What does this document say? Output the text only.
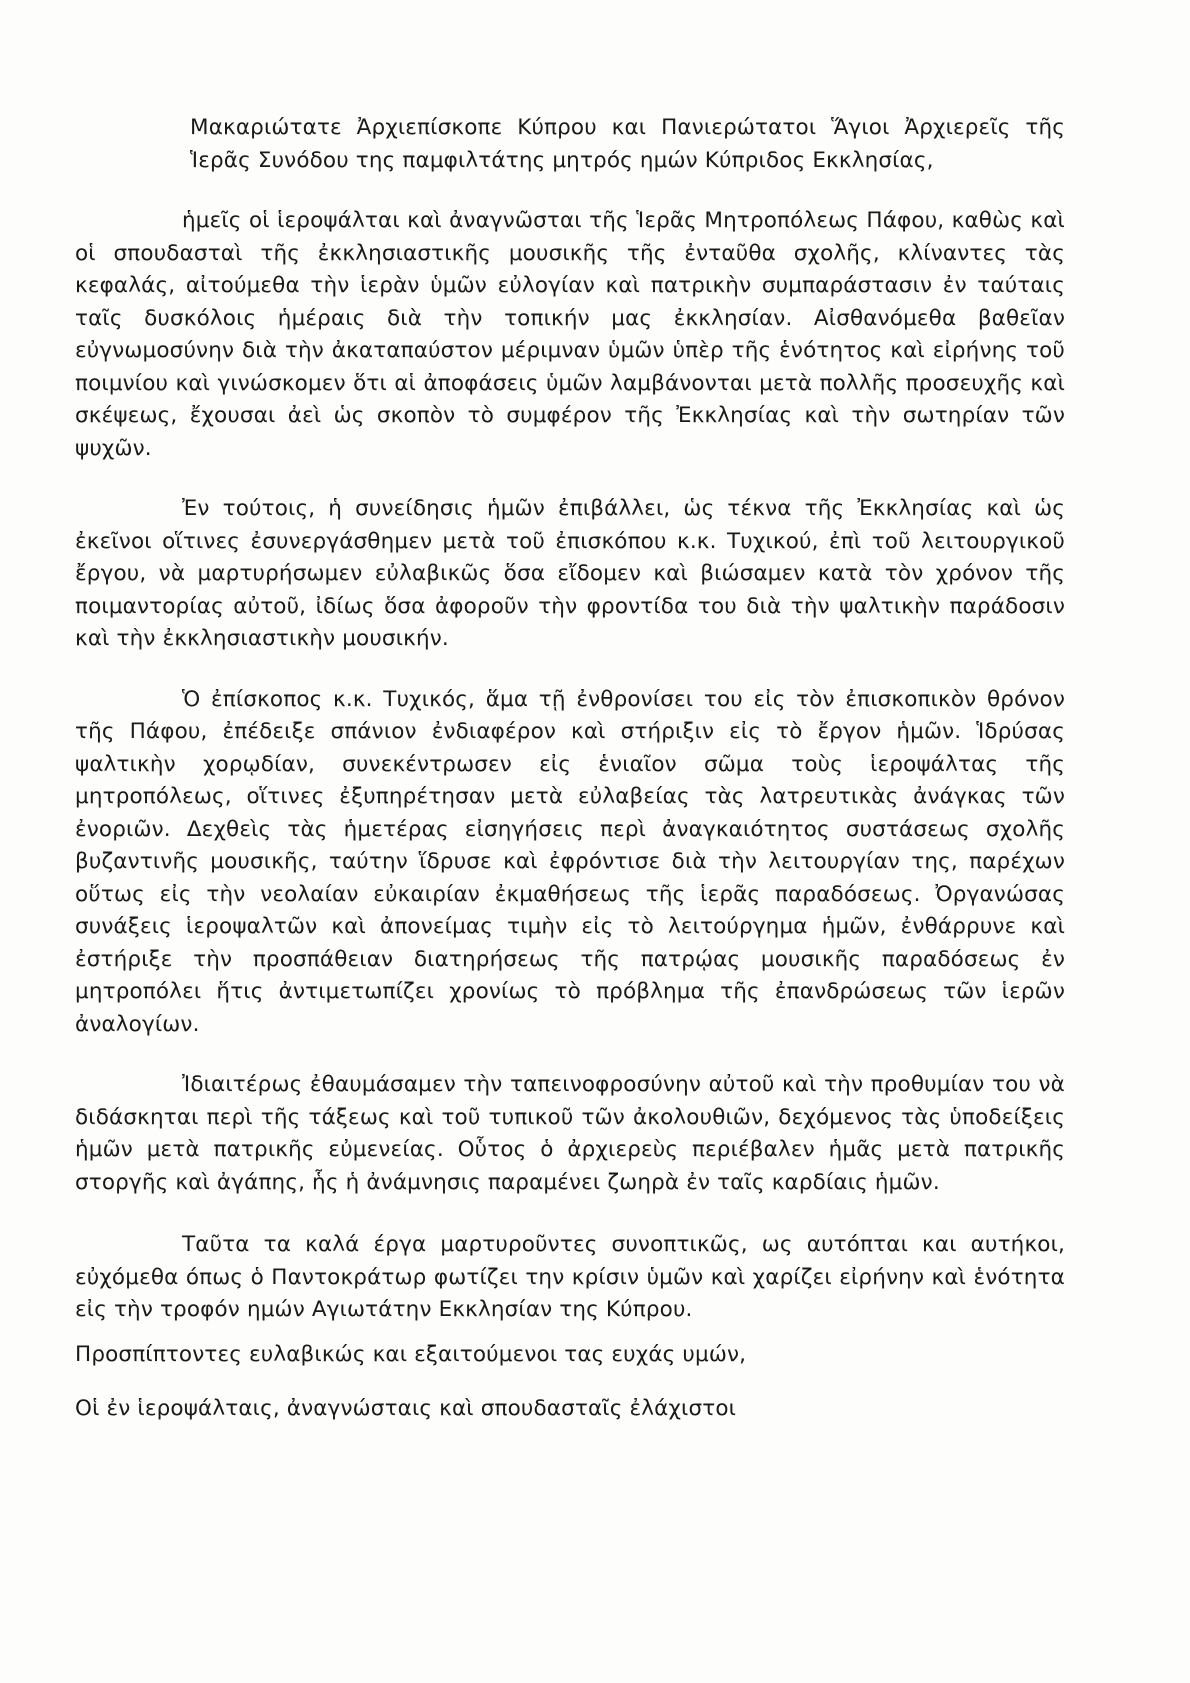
Μακαριώτατε Ἀρχιεπίσκοπε Κύπρου και Πανιερώτατοι Ἅγιοι Ἀρχιερεῖς τῆς Ἱερᾶς Συνόδου της παμφιλτάτης μητρός ημών Κύπριδος Εκκλησίας,

ἡμεῖς οἱ ἱεροψάλται καὶ ἀναγνῶσται τῆς Ἱερᾶς Μητροπόλεως Πάφου, καθὼς καὶ οἱ σπουδασταὶ τῆς ἐκκλησιαστικῆς μουσικῆς τῆς ἐνταῦθα σχολῆς, κλίναντες τὰς κεφαλάς, αἰτούμεθα τὴν ἱερὰν ὑμῶν εὐλογίαν καὶ πατρικὴν συμπαράστασιν ἐν ταύταις ταῖς δυσκόλοις ἡμέραις διὰ τὴν τοπικήν μας ἐκκλησίαν. Αἰσθανόμεθα βαθεῖαν εὐγνωμοσύνην διὰ τὴν ἀκαταπαύστον μέριμναν ὑμῶν ὑπὲρ τῆς ἑνότητος καὶ εἰρήνης τοῦ ποιμνίου καὶ γινώσκομεν ὅτι αἱ ἀποφάσεις ὑμῶν λαμβάνονται μετὰ πολλῆς προσευχῆς καὶ σκέψεως, ἔχουσαι ἀεὶ ὡς σκοπὸν τὸ συμφέρον τῆς Ἐκκλησίας καὶ τὴν σωτηρίαν τῶν ψυχῶν.

Ἐν τούτοις, ἡ συνείδησις ἡμῶν ἐπιβάλλει, ὡς τέκνα τῆς Ἐκκλησίας καὶ ὡς ἐκεῖνοι οἵτινες ἐσυνεργάσθημεν μετὰ τοῦ ἐπισκόπου κ.κ. Τυχικού, ἐπὶ τοῦ λειτουργικοῦ ἔργου, νὰ μαρτυρήσωμεν εὐλαβικῶς ὅσα εἴδομεν καὶ βιώσαμεν κατὰ τὸν χρόνον τῆς ποιμαντορίας αὐτοῦ, ἰδίως ὅσα ἀφοροῦν τὴν φροντίδα του διὰ τὴν ψαλτικὴν παράδοσιν καὶ τὴν ἐκκλησιαστικὴν μουσικήν.

Ὁ ἐπίσκοπος κ.κ. Τυχικός, ἅμα τῇ ἐνθρονίσει του εἰς τὸν ἐπισκοπικὸν θρόνον τῆς Πάφου, ἐπέδειξε σπάνιον ἐνδιαφέρον καὶ στήριξιν εἰς τὸ ἔργον ἡμῶν. Ἱδρύσας ψαλτικὴν χορῳδίαν, συνεκέντρωσεν εἰς ἑνιαῖον σῶμα τοὺς ἱεροψάλτας τῆς μητροπόλεως, οἵτινες ἐξυπηρέτησαν μετὰ εὐλαβείας τὰς λατρευτικὰς ἀνάγκας τῶν ἐνοριῶν. Δεχθεὶς τὰς ἡμετέρας εἰσηγήσεις περὶ ἀναγκαιότητος συστάσεως σχολῆς βυζαντινῆς μουσικῆς, ταύτην ἵδρυσε καὶ ἐφρόντισε διὰ τὴν λειτουργίαν της, παρέχων οὕτως εἰς τὴν νεολαίαν εὐκαιρίαν ἐκμαθήσεως τῆς ἱερᾶς παραδόσεως. Ὀργανώσας συνάξεις ἱεροψαλτῶν καὶ ἀπονείμας τιμὴν εἰς τὸ λειτούργημα ἡμῶν, ἐνθάρρυνε καὶ ἐστήριξε τὴν προσπάθειαν διατηρήσεως τῆς πατρῴας μουσικῆς παραδόσεως ἐν μητροπόλει ἥτις ἀντιμετωπίζει χρονίως τὸ πρόβλημα τῆς ἐπανδρώσεως τῶν ἱερῶν ἀναλογίων.

Ἰδιαιτέρως ἐθαυμάσαμεν τὴν ταπεινοφροσύνην αὐτοῦ καὶ τὴν προθυμίαν του νὰ διδάσκηται περὶ τῆς τάξεως καὶ τοῦ τυπικοῦ τῶν ἀκολουθιῶν, δεχόμενος τὰς ὑποδείξεις ἡμῶν μετὰ πατρικῆς εὐμενείας. Οὗτος ὁ ἀρχιερεὺς περιέβαλεν ἡμᾶς μετὰ πατρικῆς στοργῆς καὶ ἀγάπης, ἧς ἡ ἀνάμνησις παραμένει ζωηρὰ ἐν ταῖς καρδίαις ἡμῶν.

Ταῦτα τα καλά έργα μαρτυροῦντες συνοπτικῶς, ως αυτόπται και αυτήκοι, εὐχόμεθα όπως ὁ Παντοκράτωρ φωτίζει την κρίσιν ὑμῶν καὶ χαρίζει εἰρήνην καὶ ἑνότητα εἰς τὴν τροφόν ημών Αγιωτάτην Εκκλησίαν της Κύπρου.

Προσπίπτοντες ευλαβικώς και εξαιτούμενοι τας ευχάς υμών,

Οἱ ἐν ἱεροψάλταις, ἀναγνώσταις καὶ σπουδασταῖς ἐλάχιστοι
